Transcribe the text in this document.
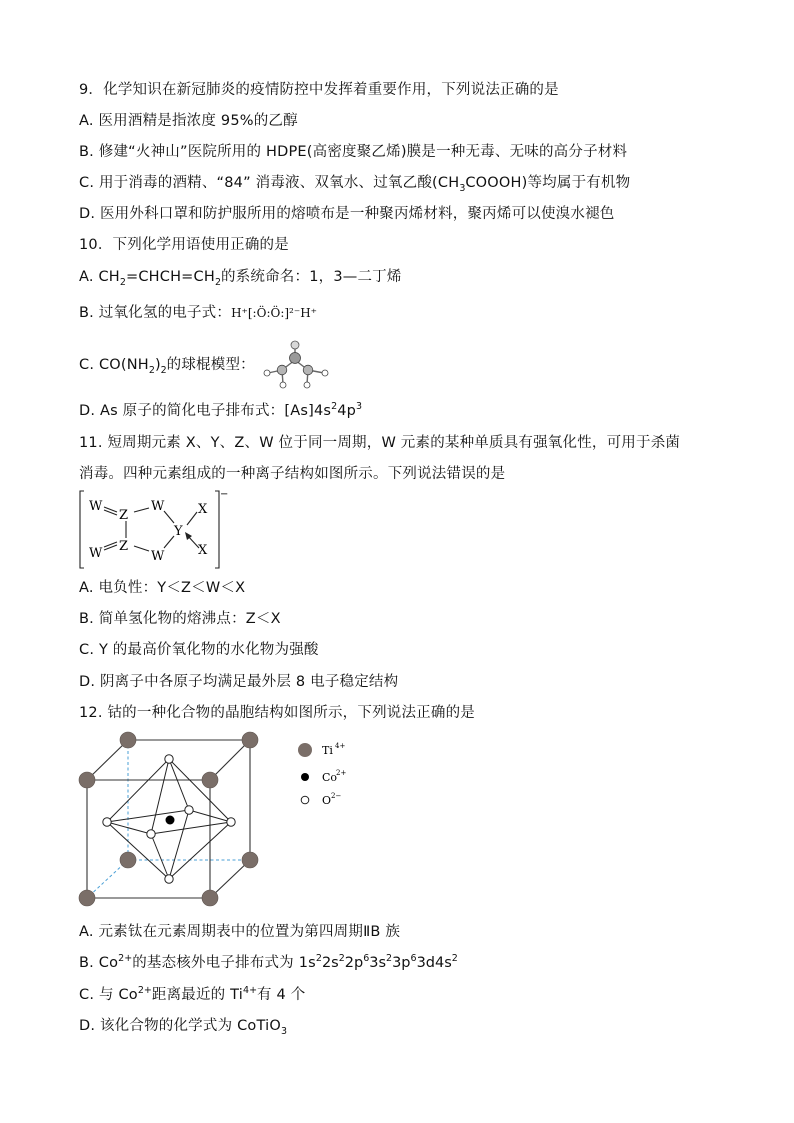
9．化学知识在新冠肺炎的疫情防控中发挥着重要作用，下列说法正确的是
A. 医用酒精是指浓度 95%的乙醇
B. 修建“火神山”医院所用的 HDPE(高密度聚乙烯)膜是一种无毒、无味的高分子材料
C. 用于消毒的酒精、“84” 消毒液、双氧水、过氧乙酸$(CH_3COOOH)$等均属于有机物
D. 医用外科口罩和防护服所用的熔喷布是一种聚丙烯材料，聚丙烯可以使溴水褪色
10．下列化学用语使用正确的是
A. $CH_2=CHCH=CH_2$的系统命名：1，3—二丁烯
B. 过氧化氢的电子式：H⁺[:Ö:Ö:]²⁻H⁺
C. $CO(NH_2)_2$的球棍模型：
D. As 原子的简化电子排布式：$[As]4s^24p^3$
11. 短周期元素 X、Y、Z、W 位于同一周期，W 元素的某种单质具有强氧化性，可用于杀菌
消毒。四种元素组成的一种离子结构如图所示。下列说法错误的是
W
Z
W
Y
X
W Z
W	X
−
A. 电负性：Y＜Z＜W＜X
B. 简单氢化物的熔沸点：Z＜X
C. Y 的最高价氧化物的水化物为强酸
D. 阴离子中各原子均满足最外层 8 电子稳定结构
12. 钴的一种化合物的晶胞结构如图所示，下列说法正确的是
Ti 4+
Co
2+
O 2−
A. 元素钛在元素周期表中的位置为第四周期ⅡB 族
B. $Co^{2+}$的基态核外电子排布式为 $1s^22s^22p^63s^23p^63d4s^2$
C. 与 $Co^{2+}$距离最近的 $Ti^{4+}$有 4 个
D. 该化合物的化学式为 CoTiO$_3$
